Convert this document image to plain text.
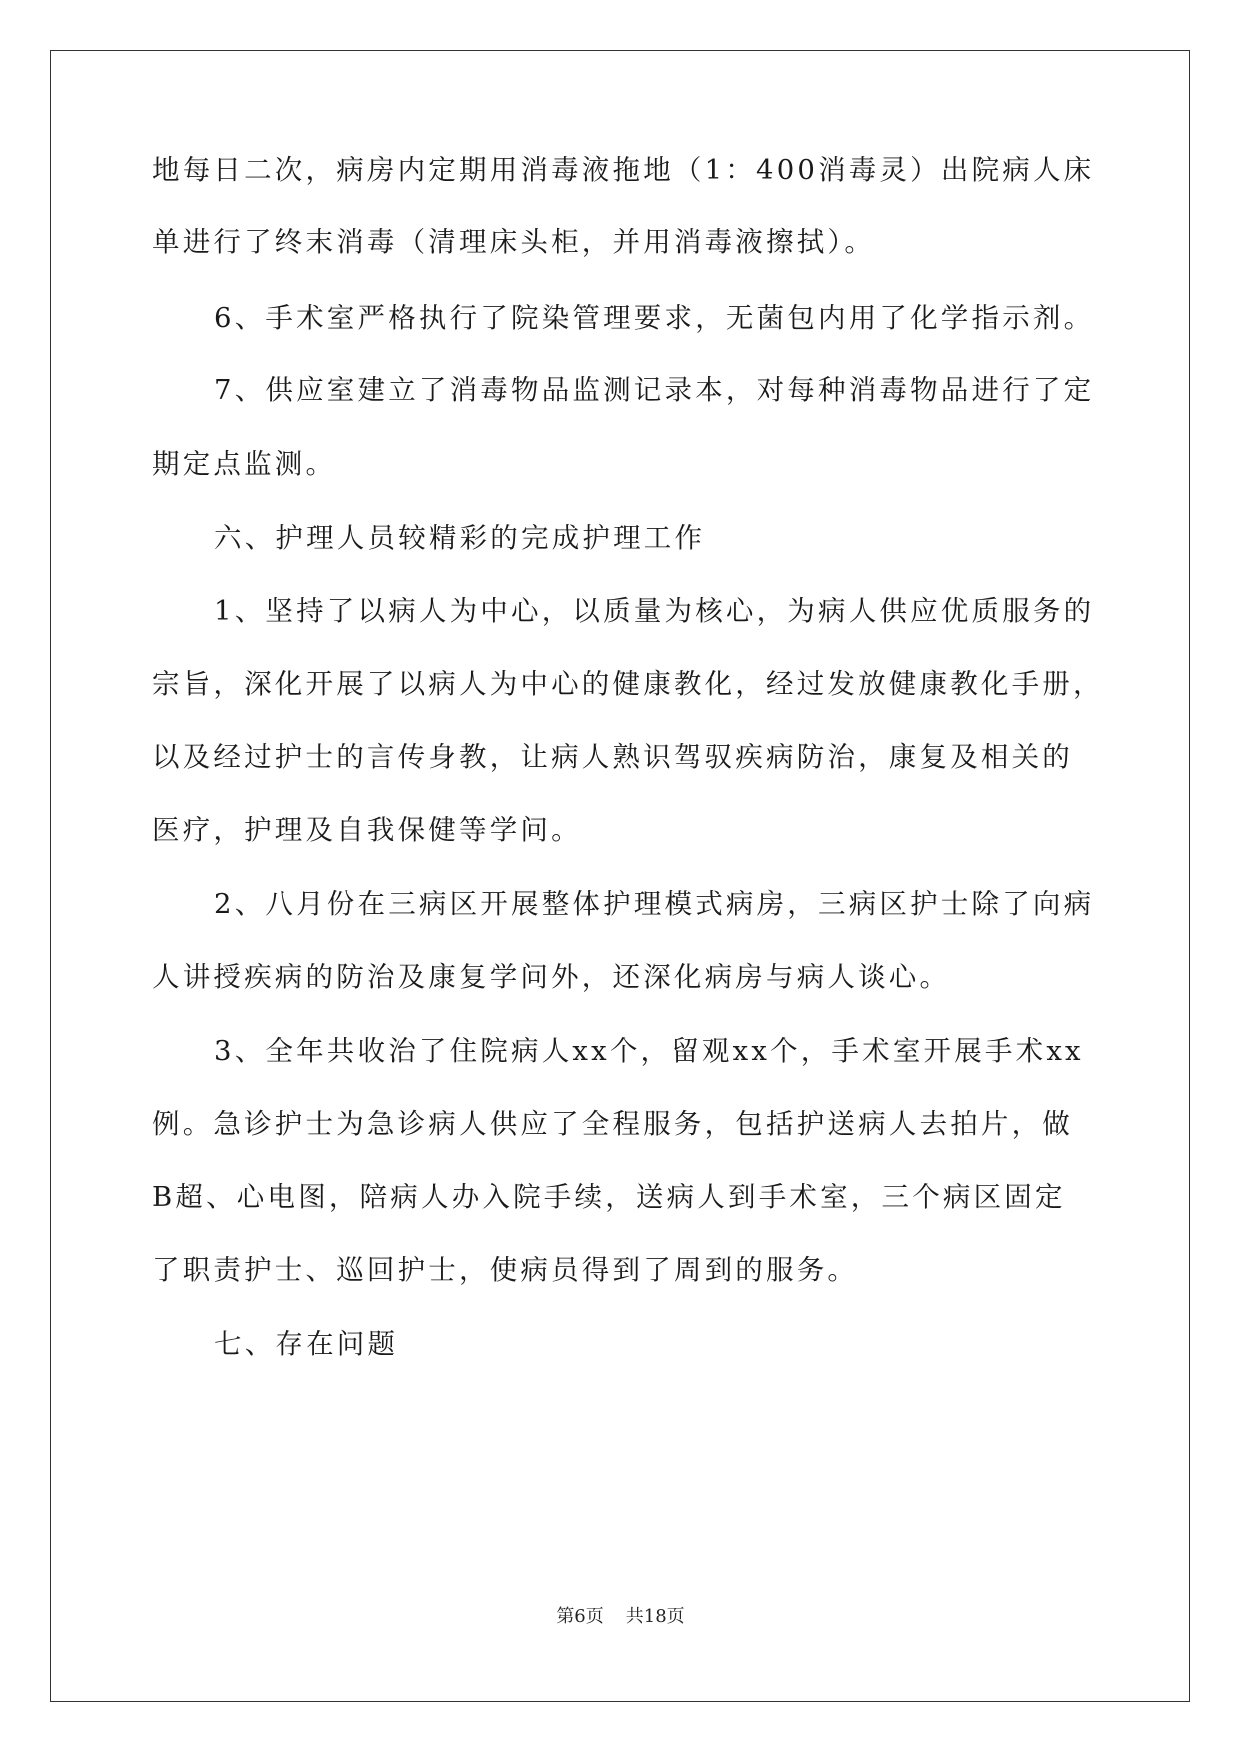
地每日二次，病房内定期用消毒液拖地（1：400消毒灵）出院病人床
单进行了终末消毒（清理床头柜，并用消毒液擦拭）。
6、手术室严格执行了院染管理要求，无菌包内用了化学指示剂。
7、供应室建立了消毒物品监测记录本，对每种消毒物品进行了定
期定点监测。
六、护理人员较精彩的完成护理工作
1、坚持了以病人为中心，以质量为核心，为病人供应优质服务的
宗旨，深化开展了以病人为中心的健康教化，经过发放健康教化手册，
以及经过护士的言传身教，让病人熟识驾驭疾病防治，康复及相关的
医疗，护理及自我保健等学问。
2、八月份在三病区开展整体护理模式病房，三病区护士除了向病
人讲授疾病的防治及康复学问外，还深化病房与病人谈心。
3、全年共收治了住院病人xx个，留观xx个，手术室开展手术xx
例。急诊护士为急诊病人供应了全程服务，包括护送病人去拍片，做
B超、心电图，陪病人办入院手续，送病人到手术室，三个病区固定
了职责护士、巡回护士，使病员得到了周到的服务。
七、存在问题
第6页 共18页
